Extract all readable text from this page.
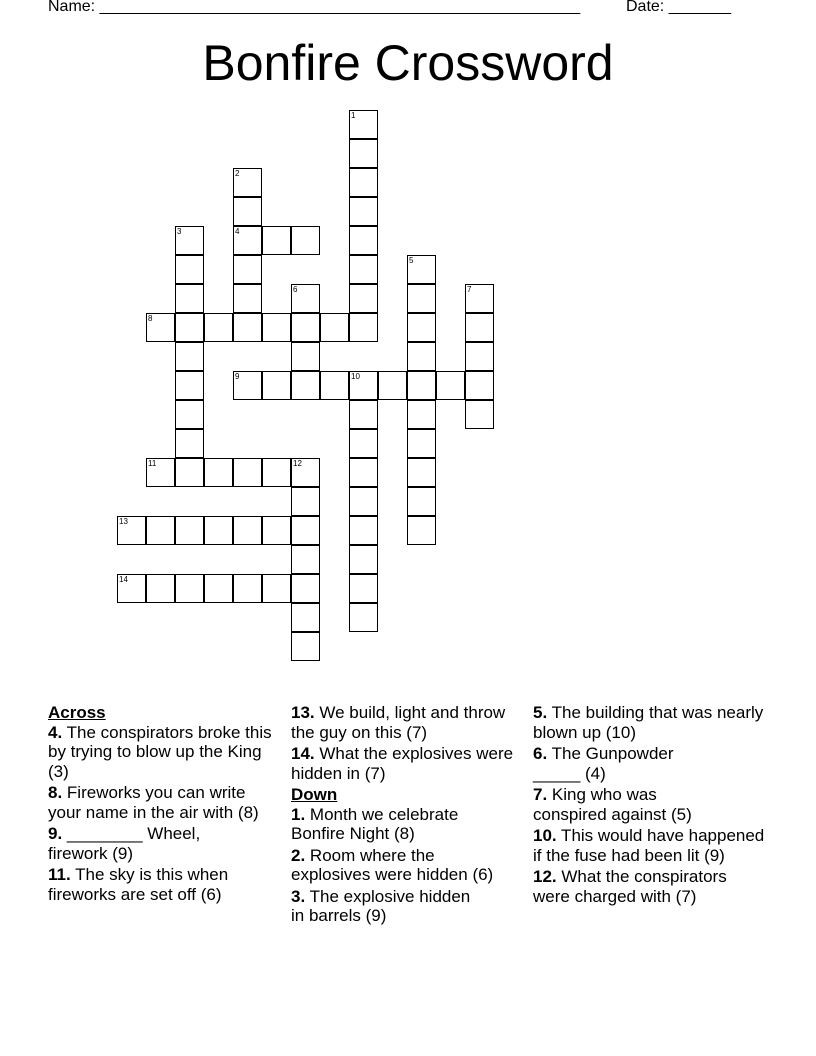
Name: ______________________________________________________	Date: _______
Bonfire Crossword
1
2
4
3
5
6	7
8
9	10
11	12
13
14
Across
4. The conspirators broke this by trying to blow up the King (3)
8. Fireworks you can write your name in the air with (8)
9. ________ Wheel, firework (9)
11. The sky is this when fireworks are set off (6)
13. We build, light and throw the guy on this (7)
14. What the explosives were hidden in (7)
Down
1. Month we celebrate Bonfire Night (8)
2. Room where the explosives were hidden (6)
3. The explosive hidden in barrels (9)
5. The building that was nearly blown up (10)
6. The Gunpowder _____ (4)
7. King who was conspired against (5)
10. This would have happened if the fuse had been lit (9)
12. What the conspirators were charged with (7)
